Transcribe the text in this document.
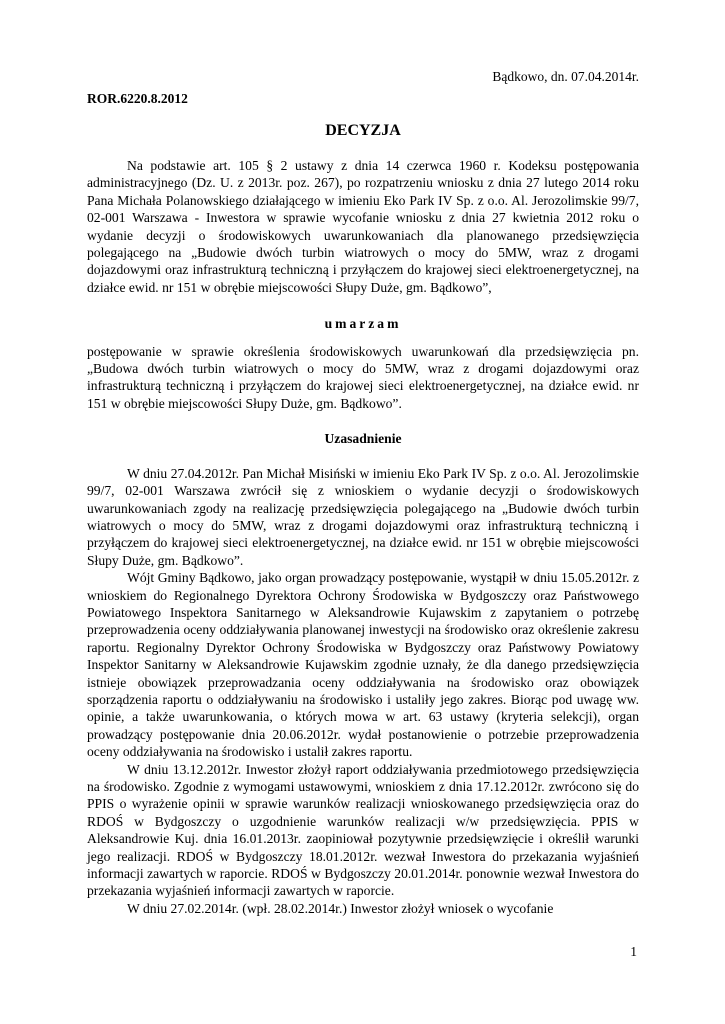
Bądkowo, dn. 07.04.2014r.
ROR.6220.8.2012
DECYZJA

Na podstawie art. 105 § 2 ustawy z dnia 14 czerwca 1960 r. Kodeksu postępowania administracyjnego (Dz. U. z 2013r. poz. 267), po rozpatrzeniu wniosku z dnia 27 lutego 2014 roku Pana Michała Polanowskiego działającego w imieniu Eko Park IV Sp. z o.o. Al. Jerozolimskie 99/7, 02-001 Warszawa - Inwestora w sprawie wycofanie wniosku z dnia 27 kwietnia 2012 roku o wydanie decyzji o środowiskowych uwarunkowaniach dla planowanego przedsięwzięcia polegającego na „Budowie dwóch turbin wiatrowych o mocy do 5MW, wraz z drogami dojazdowymi oraz infrastrukturą techniczną i przyłączem do krajowej sieci elektroenergetycznej, na działce ewid. nr 151 w obrębie miejscowości Słupy Duże, gm. Bądkowo”,

umarzam

postępowanie w sprawie określenia środowiskowych uwarunkowań dla przedsięwzięcia pn. „Budowa dwóch turbin wiatrowych o mocy do 5MW, wraz z drogami dojazdowymi oraz infrastrukturą techniczną i przyłączem do krajowej sieci elektroenergetycznej, na działce ewid. nr 151 w obrębie miejscowości Słupy Duże, gm. Bądkowo”.

Uzasadnienie

W dniu 27.04.2012r. Pan Michał Misiński w imieniu Eko Park IV Sp. z o.o. Al. Jerozolimskie 99/7, 02-001 Warszawa zwrócił się z wnioskiem o wydanie decyzji o środowiskowych uwarunkowaniach zgody na realizację przedsięwzięcia polegającego na „Budowie dwóch turbin wiatrowych o mocy do 5MW, wraz z drogami dojazdowymi oraz infrastrukturą techniczną i przyłączem do krajowej sieci elektroenergetycznej, na działce ewid. nr 151 w obrębie miejscowości Słupy Duże, gm. Bądkowo”.

Wójt Gminy Bądkowo, jako organ prowadzący postępowanie, wystąpił w dniu 15.05.2012r. z wnioskiem do Regionalnego Dyrektora Ochrony Środowiska w Bydgoszczy oraz Państwowego Powiatowego Inspektora Sanitarnego w Aleksandrowie Kujawskim z zapytaniem o potrzebę przeprowadzenia oceny oddziaływania planowanej inwestycji na środowisko oraz określenie zakresu raportu. Regionalny Dyrektor Ochrony Środowiska w Bydgoszczy oraz Państwowy Powiatowy Inspektor Sanitarny w Aleksandrowie Kujawskim zgodnie uznały, że dla danego przedsięwzięcia istnieje obowiązek przeprowadzania oceny oddziaływania na środowisko oraz obowiązek sporządzenia raportu o oddziaływaniu na środowisko i ustaliły jego zakres. Biorąc pod uwagę ww. opinie, a także uwarunkowania, o których mowa w art. 63 ustawy (kryteria selekcji), organ prowadzący postępowanie dnia 20.06.2012r. wydał postanowienie o potrzebie przeprowadzenia oceny oddziaływania na środowisko i ustalił zakres raportu.

W dniu 13.12.2012r. Inwestor złożył raport oddziaływania przedmiotowego przedsięwzięcia na środowisko. Zgodnie z wymogami ustawowymi, wnioskiem z dnia 17.12.2012r. zwrócono się do PPIS o wyrażenie opinii w sprawie warunków realizacji wnioskowanego przedsięwzięcia oraz do RDOŚ w Bydgoszczy o uzgodnienie warunków realizacji w/w przedsięwzięcia. PPIS w Aleksandrowie Kuj. dnia 16.01.2013r. zaopiniował pozytywnie przedsięwzięcie i określił warunki jego realizacji. RDOŚ w Bydgoszczy 18.01.2012r. wezwał Inwestora do przekazania wyjaśnień informacji zawartych w raporcie. RDOŚ w Bydgoszczy 20.01.2014r. ponownie wezwał Inwestora do przekazania wyjaśnień informacji zawartych w raporcie.

W dniu 27.02.2014r. (wpł. 28.02.2014r.) Inwestor złożył wniosek o wycofanie

1
